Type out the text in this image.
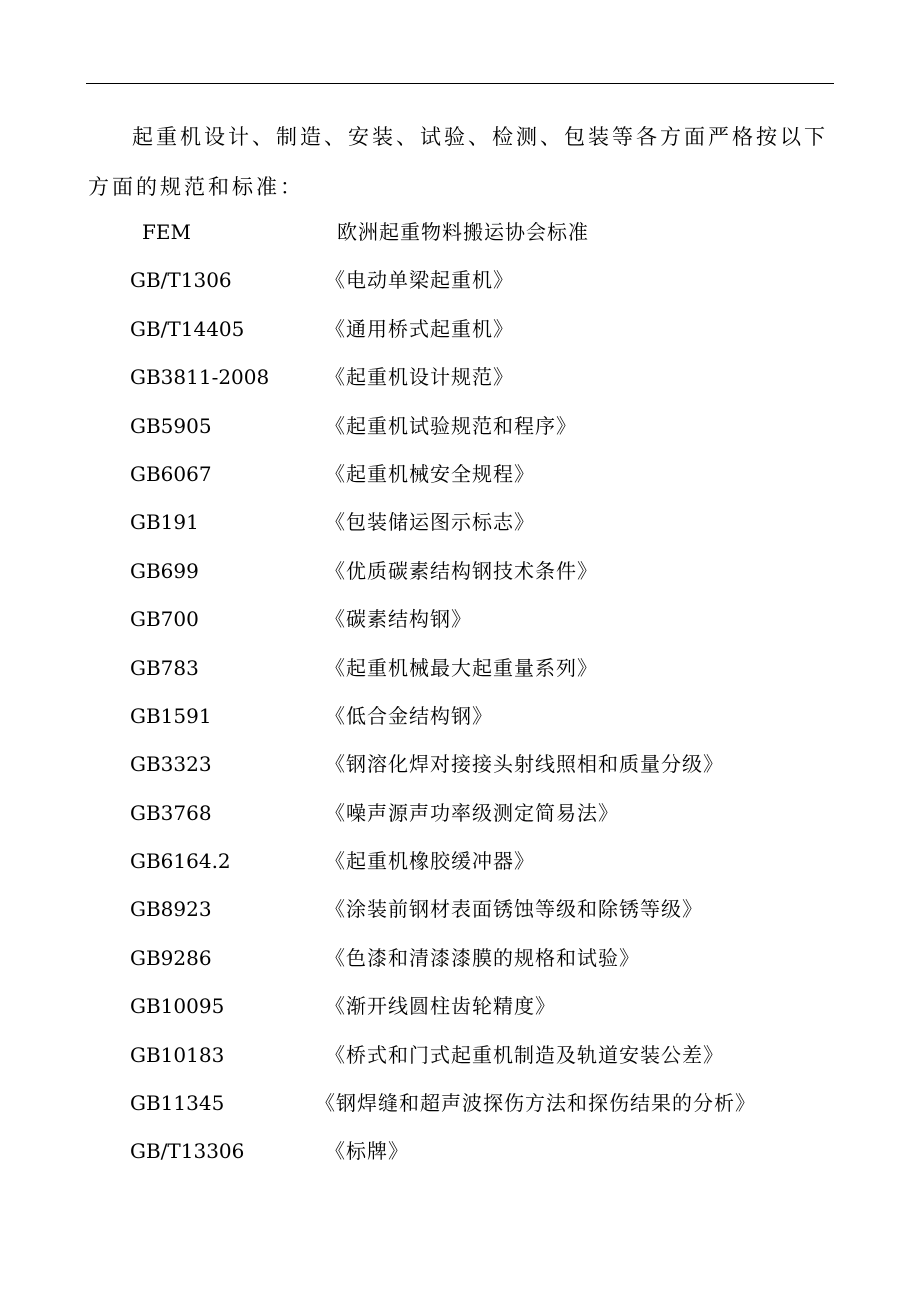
起重机设计、制造、安装、试验、检测、包装等各方面严格按以下方面的规范和标准：

FEM	欧洲起重物料搬运协会标准
GB/T1306	《电动单梁起重机》
GB/T14405	《通用桥式起重机》
GB3811-2008	《起重机设计规范》
GB5905	《起重机试验规范和程序》
GB6067	《起重机械安全规程》
GB191	《包装储运图示标志》
GB699	《优质碳素结构钢技术条件》
GB700	《碳素结构钢》
GB783	《起重机械最大起重量系列》
GB1591	《低合金结构钢》
GB3323	《钢溶化焊对接接头射线照相和质量分级》
GB3768	《噪声源声功率级测定简易法》
GB6164.2	《起重机橡胶缓冲器》
GB8923	《涂装前钢材表面锈蚀等级和除锈等级》
GB9286	《色漆和清漆漆膜的规格和试验》
GB10095	《渐开线圆柱齿轮精度》
GB10183	《桥式和门式起重机制造及轨道安装公差》
GB11345	《钢焊缝和超声波探伤方法和探伤结果的分析》
GB/T13306	《标牌》
